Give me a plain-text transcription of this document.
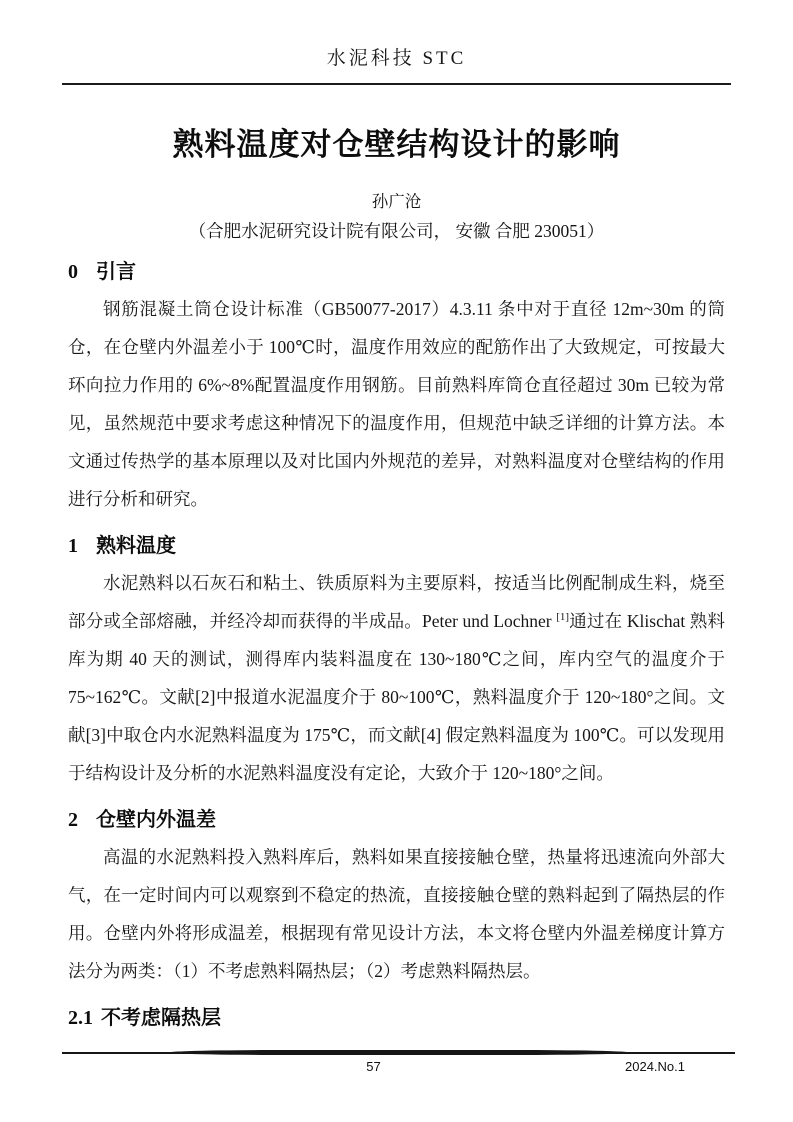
水泥科技 STC
熟料温度对仓壁结构设计的影响
孙广沧
（合肥水泥研究设计院有限公司， 安徽 合肥 230051）
0 引言

钢筋混凝土筒仓设计标准（GB50077-2017）4.3.11 条中对于直径 12m~30m 的筒仓，在仓壁内外温差小于 100℃时，温度作用效应的配筋作出了大致规定，可按最大环向拉力作用的 6%~8%配置温度作用钢筋。目前熟料库筒仓直径超过 30m 已较为常见，虽然规范中要求考虑这种情况下的温度作用，但规范中缺乏详细的计算方法。本文通过传热学的基本原理以及对比国内外规范的差异，对熟料温度对仓壁结构的作用进行分析和研究。

1 熟料温度

水泥熟料以石灰石和粘土、铁质原料为主要原料，按适当比例配制成生料，烧至部分或全部熔融，并经冷却而获得的半成品。Peter und Lochner [1]通过在 Klischat 熟料库为期 40 天的测试，测得库内装料温度在 130~180℃之间，库内空气的温度介于 75~162℃。文献[2]中报道水泥温度介于 80~100℃，熟料温度介于 120~180°之间。文献[3]中取仓内水泥熟料温度为 175℃，而文献[4] 假定熟料温度为 100℃。可以发现用于结构设计及分析的水泥熟料温度没有定论，大致介于 120~180°之间。

2 仓壁内外温差

高温的水泥熟料投入熟料库后，熟料如果直接接触仓壁，热量将迅速流向外部大气，在一定时间内可以观察到不稳定的热流，直接接触仓壁的熟料起到了隔热层的作用。仓壁内外将形成温差，根据现有常见设计方法，本文将仓壁内外温差梯度计算方法分为两类：（1）不考虑熟料隔热层；（2）考虑熟料隔热层。

2.1 不考虑隔热层
57	2024.No.1
